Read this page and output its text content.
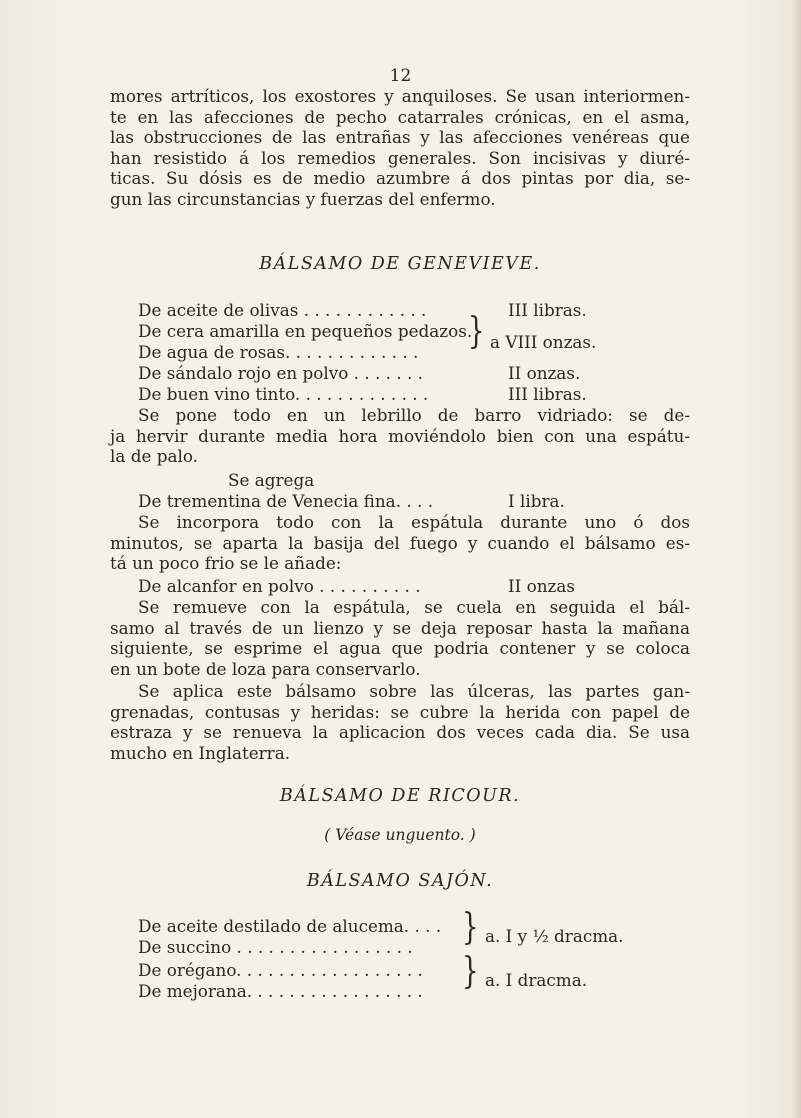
12
mores artríticos, los exostores y anquiloses. Se usan interiormen-
te en las afecciones de pecho catarrales crónicas, en el asma,
las obstrucciones de las entrañas y las afecciones venéreas que
han resistido á los remedios generales. Son incisivas y diuré-
ticas. Su dósis es de medio azumbre á dos pintas por dia, se-
gun las circunstancias y fuerzas del enfermo.
BÁLSAMO DE GENEVIEVE.
De aceite de olivas . . . . . . . . . . . .	III libras.
De cera amarilla en pequeños pedazos.
De agua de rosas. . . . . . . . . . . . .	} a VIII onzas.
De sándalo rojo en polvo . . . . . . .	II onzas.
De buen vino tinto. . . . . . . . . . . . .	III libras.
Se pone todo en un lebrillo de barro vidriado: se de-
ja hervir durante media hora moviéndolo bien con una espátu-
la de palo.
Se agrega
De trementina de Venecia fina. . . .	I libra.
Se incorpora todo con la espátula durante uno ó dos
minutos, se aparta la basija del fuego y cuando el bálsamo es-
tá un poco frio se le añade:
De alcanfor en polvo . . . . . . . . . .	II onzas
Se remueve con la espátula, se cuela en seguida el bál-
samo al través de un lienzo y se deja reposar hasta la mañana
siguiente, se esprime el agua que podria contener y se coloca
en un bote de loza para conservarlo.
Se aplica este bálsamo sobre las úlceras, las partes gan-
grenadas, contusas y heridas: se cubre la herida con papel de
estraza y se renueva la aplicacion dos veces cada dia. Se usa
mucho en Inglaterra.
BÁLSAMO DE RICOUR.
( Véase unguento. )
BÁLSAMO SAJÓN.
De aceite destilado de alucema. . . .
De succino . . . . . . . . . . . . . . . . .	} a. I y ½ dracma.
De orégano. . . . . . . . . . . . . . . . . .
De mejorana. . . . . . . . . . . . . . . . .	} a. I dracma.
